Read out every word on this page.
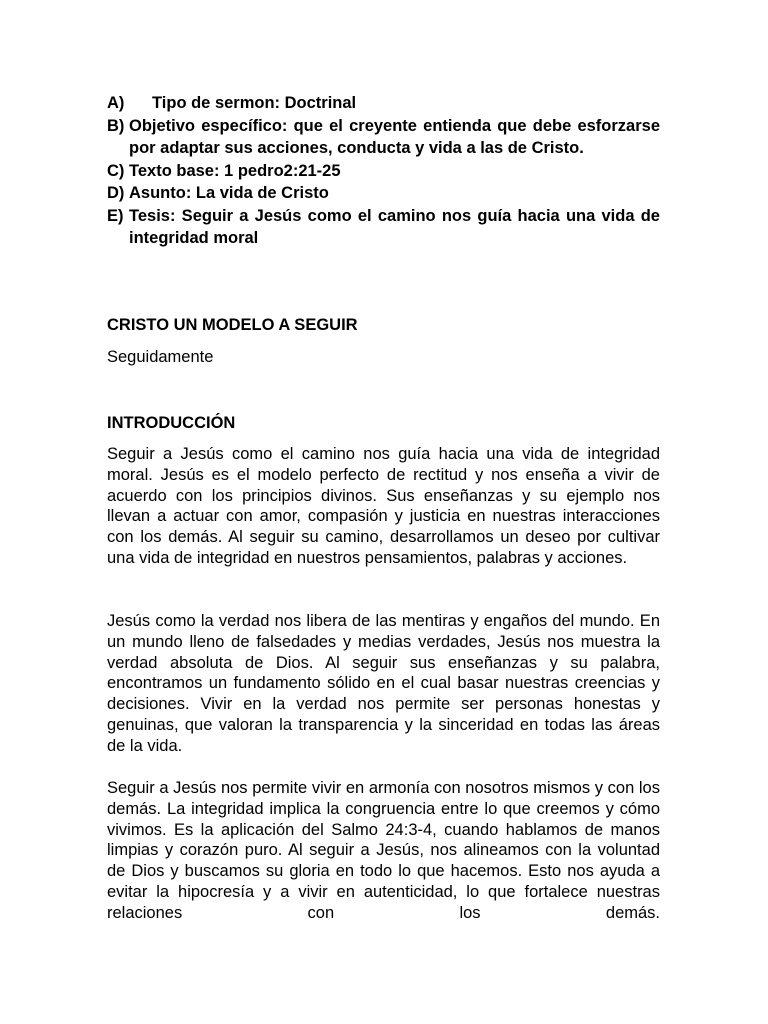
A)	Tipo de sermon: Doctrinal
B) Objetivo específico: que el creyente entienda que debe esforzarse por adaptar sus acciones, conducta y vida a las de Cristo.
C) Texto base: 1 pedro2:21-25
D) Asunto: La vida de Cristo
E) Tesis: Seguir a Jesús como el camino nos guía hacia una vida de integridad moral
CRISTO UN MODELO A SEGUIR
Seguidamente
INTRODUCCIÓN

Seguir a Jesús como el camino nos guía hacia una vida de integridad moral. Jesús es el modelo perfecto de rectitud y nos enseña a vivir de acuerdo con los principios divinos. Sus enseñanzas y su ejemplo nos llevan a actuar con amor, compasión y justicia en nuestras interacciones con los demás. Al seguir su camino, desarrollamos un deseo por cultivar una vida de integridad en nuestros pensamientos, palabras y acciones.

Jesús como la verdad nos libera de las mentiras y engaños del mundo. En un mundo lleno de falsedades y medias verdades, Jesús nos muestra la verdad absoluta de Dios. Al seguir sus enseñanzas y su palabra, encontramos un fundamento sólido en el cual basar nuestras creencias y decisiones. Vivir en la verdad nos permite ser personas honestas y genuinas, que valoran la transparencia y la sinceridad en todas las áreas de la vida.

Seguir a Jesús nos permite vivir en armonía con nosotros mismos y con los demás. La integridad implica la congruencia entre lo que creemos y cómo vivimos. Es la aplicación del Salmo 24:3-4, cuando hablamos de manos limpias y corazón puro. Al seguir a Jesús, nos alineamos con la voluntad de Dios y buscamos su gloria en todo lo que hacemos. Esto nos ayuda a evitar la hipocresía y a vivir en autenticidad, lo que fortalece nuestras relaciones con los demás.
